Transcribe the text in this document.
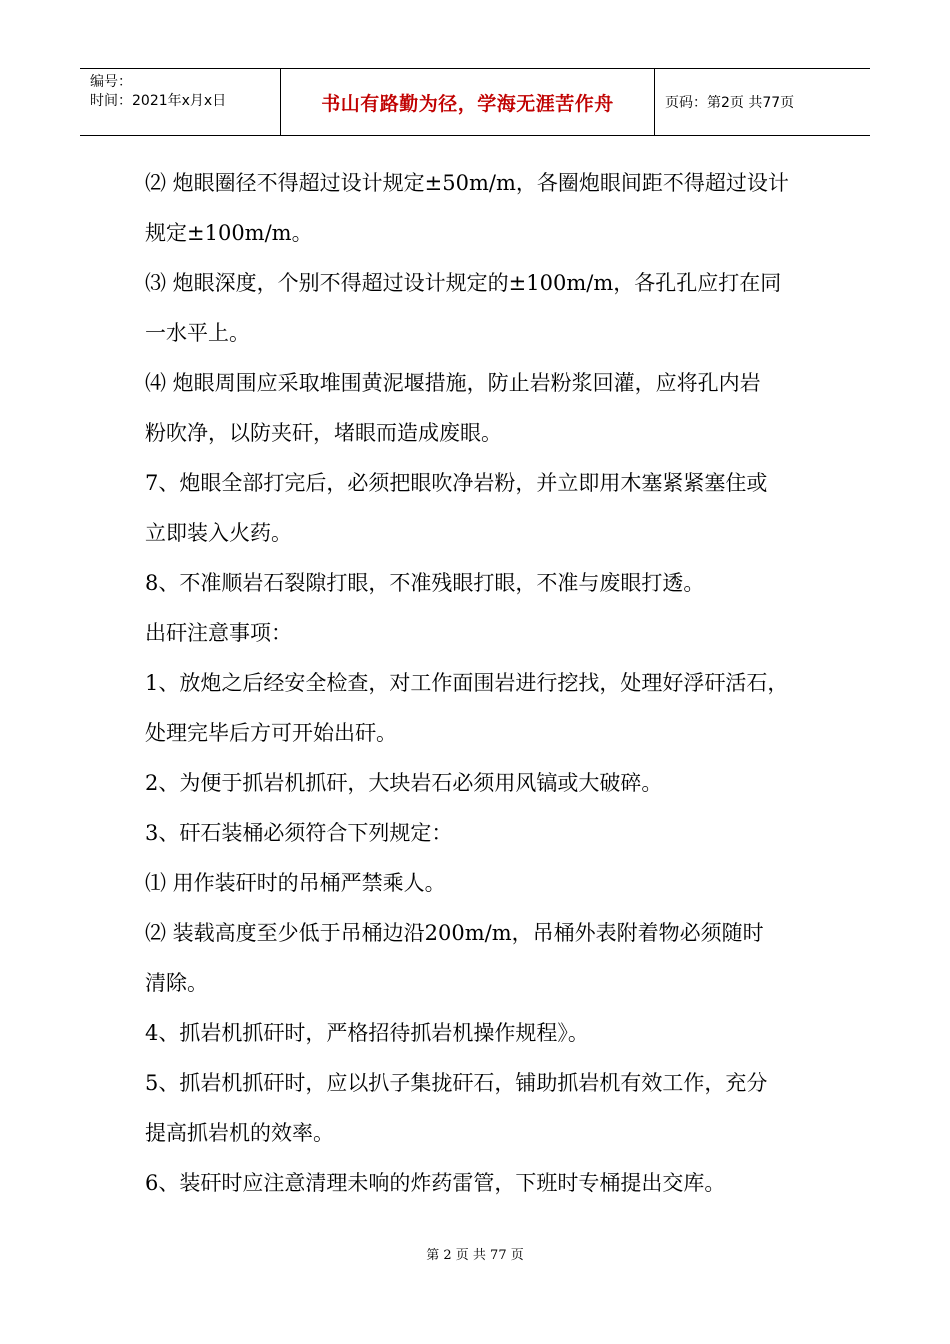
编号：
时间：2021年x月x日	书山有路勤为径，学海无涯苦作舟	页码：第2页 共77页
⑵ 炮眼圈径不得超过设计规定±50m/m，各圈炮眼间距不得超过设计
规定±100m/m。
⑶ 炮眼深度，个别不得超过设计规定的±100m/m，各孔孔应打在同
一水平上。
⑷ 炮眼周围应采取堆围黄泥堰措施，防止岩粉浆回灌，应将孔内岩
粉吹净，以防夹矸，堵眼而造成废眼。
7、炮眼全部打完后，必须把眼吹净岩粉，并立即用木塞紧紧塞住或
立即装入火药。
8、不准顺岩石裂隙打眼，不准残眼打眼，不准与废眼打透。
出矸注意事项：
1、放炮之后经安全检查，对工作面围岩进行挖找，处理好浮矸活石，
处理完毕后方可开始出矸。
2、为便于抓岩机抓矸，大块岩石必须用风镐或大破碎。
3、矸石装桶必须符合下列规定：
⑴ 用作装矸时的吊桶严禁乘人。
⑵ 装载高度至少低于吊桶边沿200m/m，吊桶外表附着物必须随时
清除。
4、抓岩机抓矸时，严格招待抓岩机操作规程》。
5、抓岩机抓矸时，应以扒子集拢矸石，铺助抓岩机有效工作，充分
提高抓岩机的效率。
6、装矸时应注意清理未响的炸药雷管，下班时专桶提出交库。
第 2 页 共 77 页
